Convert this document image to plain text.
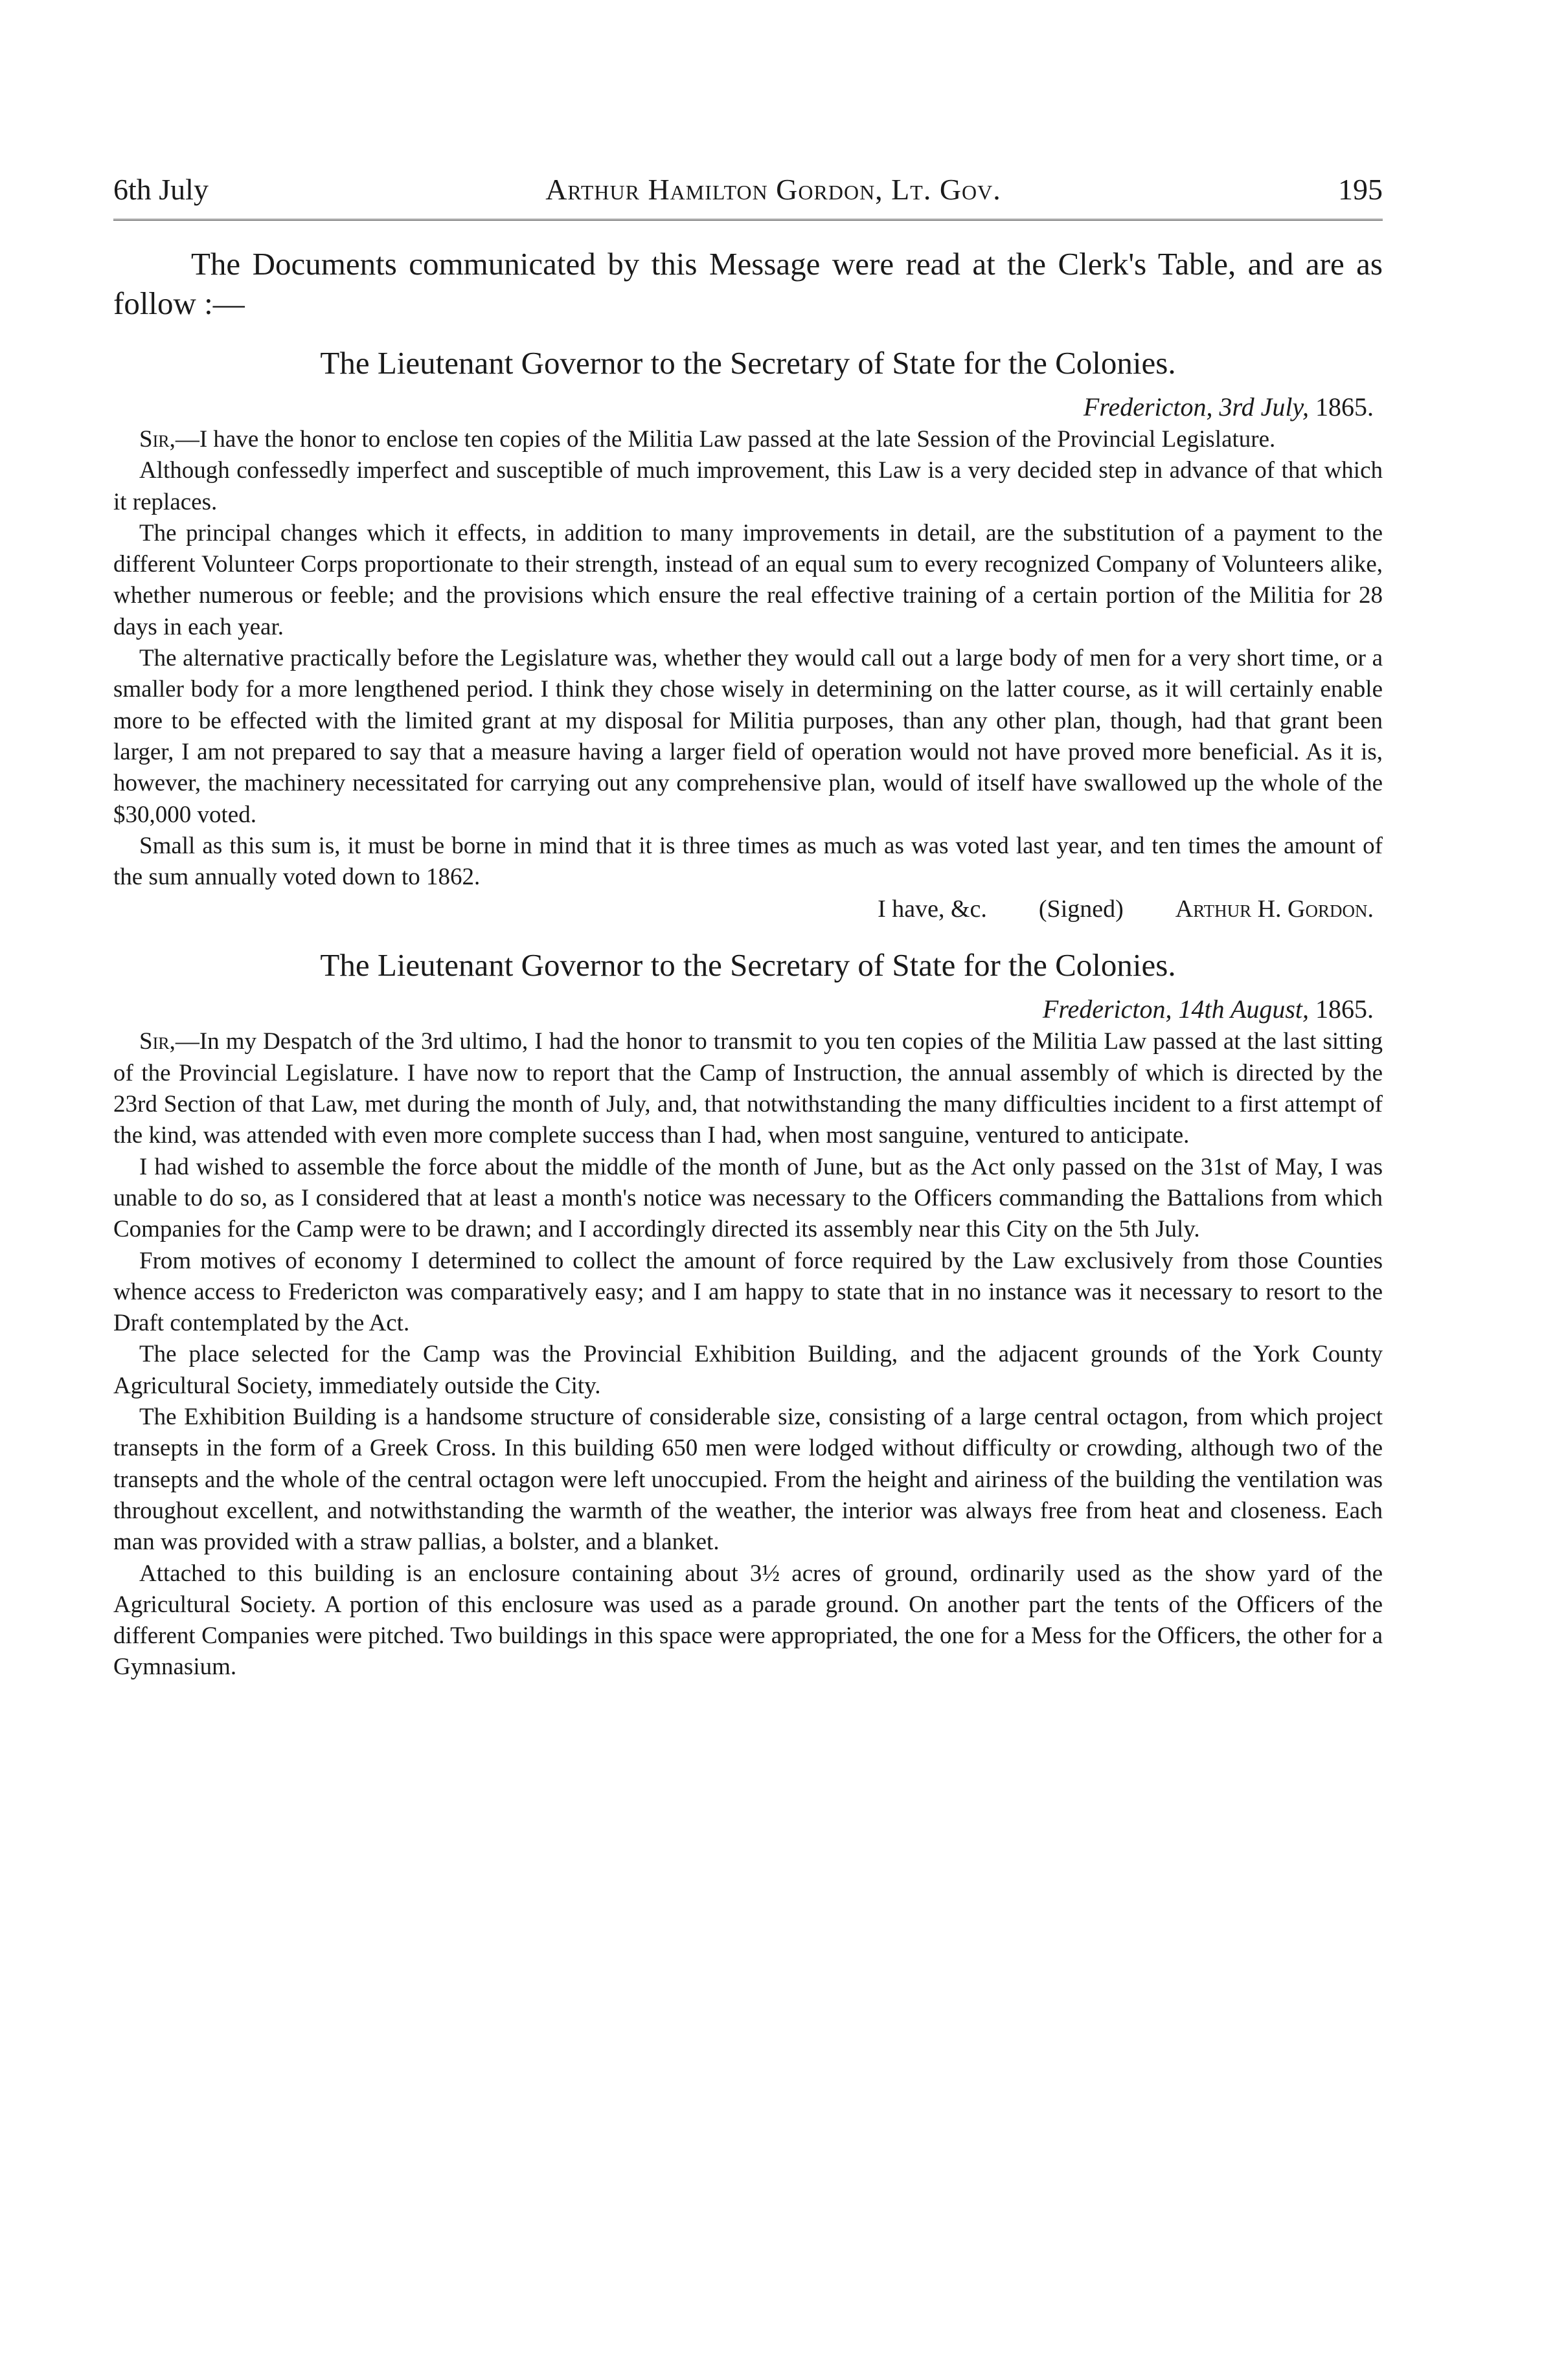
6th July	Arthur Hamilton Gordon, Lt. Gov.	195

The Documents communicated by this Message were read at the Clerk's Table, and are as follow :—

The Lieutenant Governor to the Secretary of State for the Colonies.
Fredericton, 3rd July, 1865.

Sir,—I have the honor to enclose ten copies of the Militia Law passed at the late Session of the Provincial Legislature.

Although confessedly imperfect and susceptible of much improvement, this Law is a very decided step in advance of that which it replaces.

The principal changes which it effects, in addition to many improvements in detail, are the substitution of a payment to the different Volunteer Corps proportionate to their strength, instead of an equal sum to every recognized Company of Volunteers alike, whether numerous or feeble; and the provisions which ensure the real effective training of a certain portion of the Militia for 28 days in each year.

The alternative practically before the Legislature was, whether they would call out a large body of men for a very short time, or a smaller body for a more lengthened period. I think they chose wisely in determining on the latter course, as it will certainly enable more to be effected with the limited grant at my disposal for Militia purposes, than any other plan, though, had that grant been larger, I am not prepared to say that a measure having a larger field of operation would not have proved more beneficial. As it is, however, the machinery necessitated for carrying out any comprehensive plan, would of itself have swallowed up the whole of the $30,000 voted.

Small as this sum is, it must be borne in mind that it is three times as much as was voted last year, and ten times the amount of the sum annually voted down to 1862.

I have, &c. (Signed) Arthur H. Gordon.
The Lieutenant Governor to the Secretary of State for the Colonies.
Fredericton, 14th August, 1865.

Sir,—In my Despatch of the 3rd ultimo, I had the honor to transmit to you ten copies of the Militia Law passed at the last sitting of the Provincial Legislature. I have now to report that the Camp of Instruction, the annual assembly of which is directed by the 23rd Section of that Law, met during the month of July, and, that notwithstanding the many difficulties incident to a first attempt of the kind, was attended with even more complete success than I had, when most sanguine, ventured to anticipate.

I had wished to assemble the force about the middle of the month of June, but as the Act only passed on the 31st of May, I was unable to do so, as I considered that at least a month's notice was necessary to the Officers commanding the Battalions from which Companies for the Camp were to be drawn; and I accordingly directed its assembly near this City on the 5th July.

From motives of economy I determined to collect the amount of force required by the Law exclusively from those Counties whence access to Fredericton was comparatively easy; and I am happy to state that in no instance was it necessary to resort to the Draft contemplated by the Act.

The place selected for the Camp was the Provincial Exhibition Building, and the adjacent grounds of the York County Agricultural Society, immediately outside the City.

The Exhibition Building is a handsome structure of considerable size, consisting of a large central octagon, from which project transepts in the form of a Greek Cross. In this building 650 men were lodged without difficulty or crowding, although two of the transepts and the whole of the central octagon were left unoccupied. From the height and airiness of the building the ventilation was throughout excellent, and notwithstanding the warmth of the weather, the interior was always free from heat and closeness. Each man was provided with a straw pallias, a bolster, and a blanket.

Attached to this building is an enclosure containing about 3½ acres of ground, ordinarily used as the show yard of the Agricultural Society. A portion of this enclosure was used as a parade ground. On another part the tents of the Officers of the different Companies were pitched. Two buildings in this space were appropriated, the one for a Mess for the Officers, the other for a Gymnasium.
